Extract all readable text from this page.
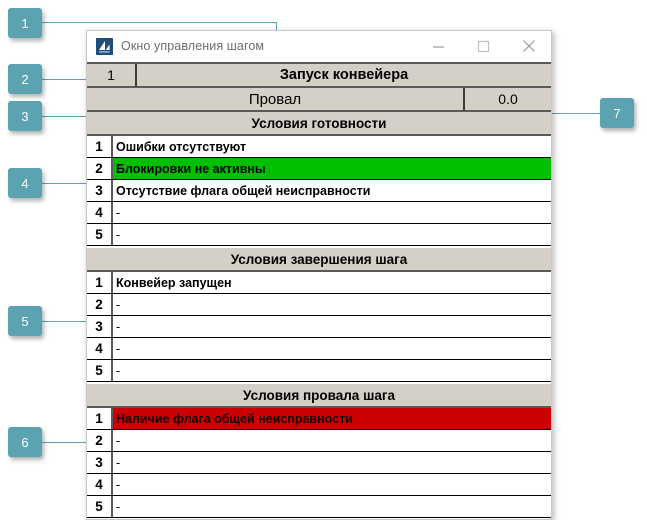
1
2
3
4
5
6
7
Окно управления шагом
1	Запуск конвейера
Провал	0.0
Условия готовности
1	Ошибки отсутствуют
2	Блокировки не активны
3	Отсутствие флага общей неисправности
4	-
5	-
Условия завершения шага
1	Конвейер запущен
2	-
3	-
4	-
5	-
Условия провала шага
1	Наличие флага общей неисправности
2	-
3	-
4	-
5	-
